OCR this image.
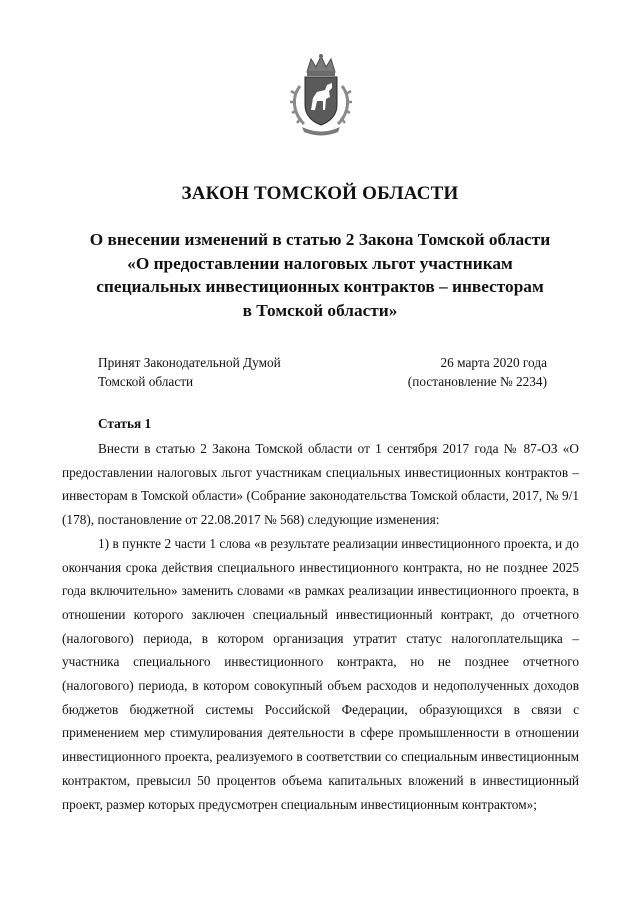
ЗАКОН ТОМСКОЙ ОБЛАСТИ
О внесении изменений в статью 2 Закона Томской области
«О предоставлении налоговых льгот участникам
специальных инвестиционных контрактов – инвесторам
в Томской области»
Принят Законодательной Думой
Томской области
26 марта 2020 года
(постановление № 2234)
Статья 1

Внести в статью 2 Закона Томской области от 1 сентября 2017 года № 87-ОЗ «О предоставлении налоговых льгот участникам специальных инвестиционных контрактов – инвесторам в Томской области» (Собрание законодательства Томской области, 2017, № 9/1 (178), постановление от 22.08.2017 № 568) следующие изменения:

1) в пункте 2 части 1 слова «в результате реализации инвестиционного проекта, и до окончания срока действия специального инвестиционного контракта, но не позднее 2025 года включительно» заменить словами «в рамках реализации инвестиционного проекта, в отношении которого заключен специальный инвестиционный контракт, до отчетного (налогового) периода, в котором организация утратит статус налогоплательщика – участника специального инвестиционного контракта, но не позднее отчетного (налогового) периода, в котором совокупный объем расходов и недополученных доходов бюджетов бюджетной системы Российской Федерации, образующихся в связи с применением мер стимулирования деятельности в сфере промышленности в отношении инвестиционного проекта, реализуемого в соответствии со специальным инвестиционным контрактом, превысил 50 процентов объема капитальных вложений в инвестиционный проект, размер которых предусмотрен специальным инвестиционным контрактом»;
